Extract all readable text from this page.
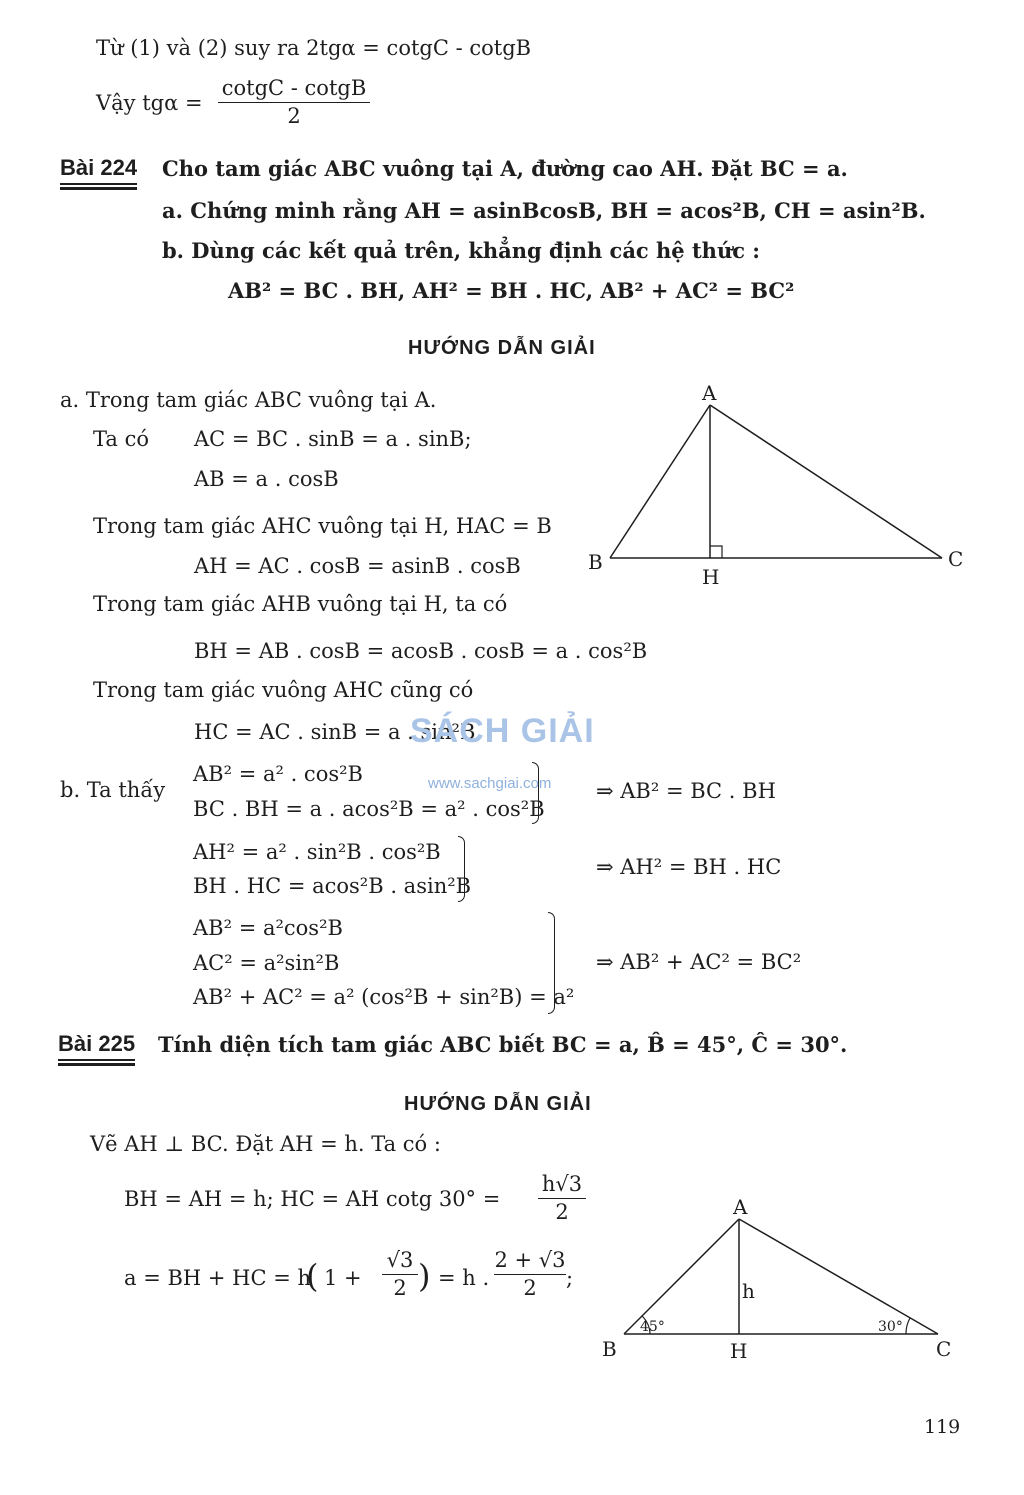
Từ (1) và (2) suy ra 2tgα = cotgC - cotgB
Vậy tgα =
cotgC - cotgB
2
Bài 224 Cho tam giác ABC vuông tại A, đường cao AH. Đặt BC = a.
a. Chứng minh rằng AH = asinBcosB, BH = acos²B, CH = asin²B.
b. Dùng các kết quả trên, khẳng định các hệ thức :
AB² = BC . BH, AH² = BH . HC, AB² + AC² = BC²
HƯỚNG DẪN GIẢI
a. Trong tam giác ABC vuông tại A.
Ta có AC = BC . sinB = a . sinB;
AB = a . cosB
Trong tam giác AHC vuông tại H, HAC = B
AH = AC . cosB = asinB . cosB
Trong tam giác AHB vuông tại H, ta có
BH = AB . cosB = acosB . cosB = a . cos²B
Trong tam giác vuông AHC cũng có
HC = AC . sinB = a . sin²B
b. Ta thấy
AB² = a² . cos²B
BC . BH = a . acos²B = a² . cos²B
⇒ AB² = BC . BH
AH² = a² . sin²B . cos²B
BH . HC = acos²B . asin²B
⇒ AH² = BH . HC
AB² = a²cos²B
AC² = a²sin²B
AB² + AC² = a² (cos²B + sin²B) = a²
⇒ AB² + AC² = BC²
A
B	C
H
SÁCH GIẢI
www.sachgiai.com
Bài 225 Tính diện tích tam giác ABC biết BC = a, B̂ = 45°, Ĉ = 30°.
HƯỚNG DẪN GIẢI
Vẽ AH ⊥ BC. Đặt AH = h. Ta có :
BH = AH = h; HC = AH cotg 30° =
h√3
2
a = BH + HC = h
( 1 +
√3
2 ) = h .
2 + √3
2	;
A
B	C
H
h
45°	30°
119
